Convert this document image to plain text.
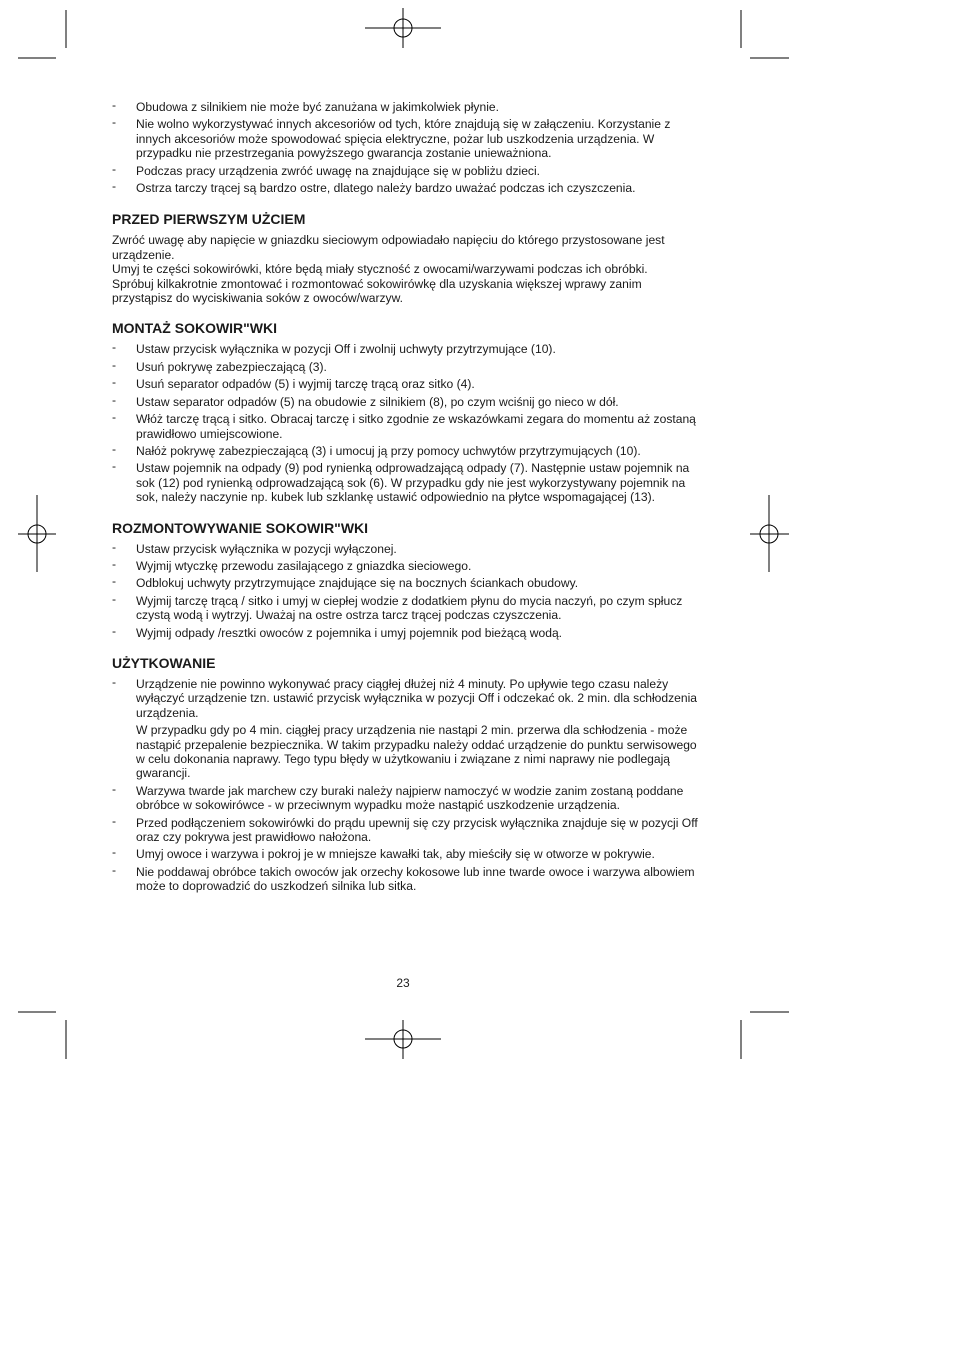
- Obudowa z silnikiem nie może być zanużana w jakimkolwiek płynie.
- Nie wolno wykorzystywać innych akcesoriów od tych, które znajdują się w załączeniu. Korzystanie z innych akcesoriów może spowodować spięcia elektryczne, pożar lub uszkodzenia urządzenia. W przypadku nie przestrzegania powyższego gwarancja zostanie unieważniona.
- Podczas pracy urządzenia zwróć uwagę na znajdujące się w pobliżu dzieci.
- Ostrza tarczy trącej są bardzo ostre, dlatego należy bardzo uważać podczas ich czyszczenia.
PRZED PIERWSZYM UŻCIEM

Zwróć uwagę aby napięcie w gniazdku sieciowym odpowiadało napięciu do którego przystosowane jest urządzenie.

Umyj te części sokowirówki, które będą miały styczność z owocami/warzywami podczas ich obróbki.

Spróbuj kilkakrotnie zmontować i rozmontować sokowirówkę dla uzyskania większej wprawy zanim przystąpisz do wyciskiwania soków z owoców/warzyw.

MONTAŻ SOKOWIR"WKI
- Ustaw przycisk wyłącznika w pozycji Off i zwolnij uchwyty przytrzymujące (10).
- Usuń pokrywę zabezpieczającą (3).
- Usuń separator odpadów (5) i wyjmij tarczę trącą oraz sitko (4).
- Ustaw separator odpadów (5) na obudowie z silnikiem (8), po czym wciśnij go nieco w dół.
- Włóż tarczę trącą i sitko. Obracaj tarczę i sitko zgodnie ze wskazówkami zegara do momentu aż zostaną prawidłowo umiejscowione.
- Nałóż pokrywę zabezpieczającą (3) i umocuj ją przy pomocy uchwytów przytrzymujących (10).
- Ustaw pojemnik na odpady (9) pod rynienką odprowadzającą odpady (7). Następnie ustaw pojemnik na sok (12) pod rynienką odprowadzającą sok (6). W przypadku gdy nie jest wykorzystywany pojemnik na sok, należy naczynie np. kubek lub szklankę ustawić odpowiednio na płytce wspomagającej (13).
ROZMONTOWYWANIE SOKOWIR"WKI
- Ustaw przycisk wyłącznika w pozycji wyłączonej.
- Wyjmij wtyczkę przewodu zasilającego z gniazdka sieciowego.
- Odblokuj uchwyty przytrzymujące znajdujące się na bocznych ściankach obudowy.
- Wyjmij tarczę trącą / sitko i umyj w ciepłej wodzie z dodatkiem płynu do mycia naczyń, po czym spłucz czystą wodą i wytrzyj. Uważaj na ostre ostrza tarcz trącej podczas czyszczenia.
- Wyjmij odpady /resztki owoców z pojemnika i umyj pojemnik pod bieżącą wodą.
UŻYTKOWANIE
- Urządzenie nie powinno wykonywać pracy ciągłej dłużej niż 4 minuty. Po upływie tego czasu należy wyłączyć urządzenie tzn. ustawić przycisk wyłącznika w pozycji Off i odczekać ok. 2 min. dla schłodzenia urządzenia.
W przypadku gdy po 4 min. ciągłej pracy urządzenia nie nastąpi 2 min. przerwa dla schłodzenia - może nastąpić przepalenie bezpiecznika. W takim przypadku należy oddać urządzenie do punktu serwisowego w celu dokonania naprawy. Tego typu błędy w użytkowaniu i związane z nimi naprawy nie podlegają gwarancji.
- Warzywa twarde jak marchew czy buraki należy najpierw namoczyć w wodzie zanim zostaną poddane obróbce w sokowirówce - w przeciwnym wypadku może nastąpić uszkodzenie urządzenia.
- Przed podłączeniem sokowirówki do prądu upewnij się czy przycisk wyłącznika znajduje się w pozycji Off oraz czy pokrywa jest prawidłowo nałożona.
- Umyj owoce i warzywa i pokroj je w mniejsze kawałki tak, aby mieściły się w otworze w pokrywie.
- Nie poddawaj obróbce takich owoców jak orzechy kokosowe lub inne twarde owoce i warzywa albowiem może to doprowadzić do uszkodzeń silnika lub sitka.
23
